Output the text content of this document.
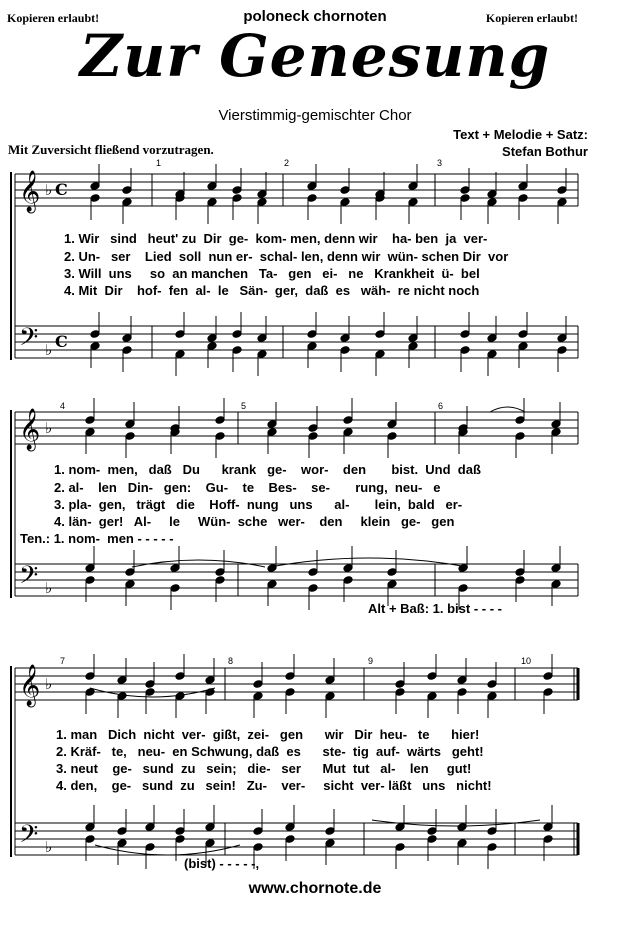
Kopieren erlaubt!	poloneck chornoten	Kopieren erlaubt!
Zur Genesung
Vierstimmig-gemischter Chor
Text + Melodie + Satz:
Stefan Bothur
Mit Zuversicht fließend vorzutragen.
𝄞
𝄢
♭
♭
C
C
𝄞
𝄢
♭
♭
𝄞
𝄢
♭
♭
1	2	3
4	5	6
7	8	9	10
1. Wir   sind   heut' zu  Dir  ge-  kom- men, denn wir    ha- ben  ja  ver-
2. Un-   ser    Lied  soll  nun er-  schal- len, denn wir  wün- schen Dir  vor
3. Will  uns     so  an manchen   Ta-   gen   ei-   ne   Krankheit  ü-  bel
4. Mit  Dir    hof-  fen  al-  le   Sän-  ger,  daß  es   wäh-  re nicht noch
1. nom-  men,   daß   Du      krank   ge-    wor-    den       bist.  Und  daß
2. al-    len   Din-   gen:    Gu-    te    Bes-    se-       rung,  neu-   e
3. pla-  gen,   trägt   die    Hoff-  nung   uns      al-       lein,  bald   er-
4. län-  ger!   Al-     le     Wün-  sche   wer-    den     klein   ge-   gen
Ten.: 1. nom-  men - - - - -
Alt + Baß: 1. bist - - - -
1. man   Dich  nicht  ver-  gißt,  zei-   gen      wir   Dir  heu-   te      hier!
2. Kräf-   te,   neu-  en Schwung, daß  es      ste-  tig  auf-  wärts   geht!
3. neut    ge-   sund  zu   sein;   die-   ser      Mut  tut   al-    len     gut!
4. den,    ge-   sund  zu   sein!   Zu-    ver-     sicht  ver- läßt   uns   nicht!
(bist) - - - - -,
www.chornote.de
